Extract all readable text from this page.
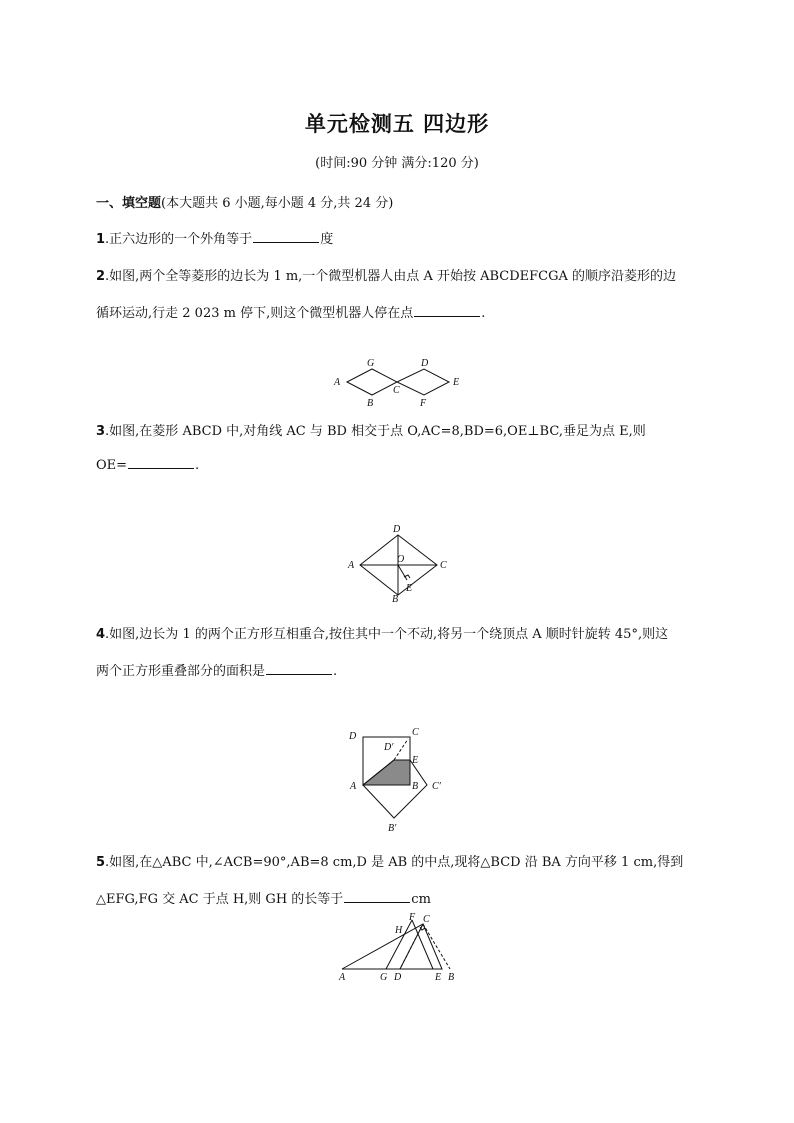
单元检测五 四边形
(时间:90 分钟 满分:120 分)
一、填空题(本大题共 6 小题,每小题 4 分,共 24 分)
1.正六边形的一个外角等于	度
2.如图,两个全等菱形的边长为 1 m,一个微型机器人由点 A 开始按 ABCDEFCGA 的顺序沿菱形的边
循环运动,行走 2 023 m 停下,则这个微型机器人停在点	.
A
G
B
C
D
F
E
3.如图,在菱形 ABCD 中,对角线 AC 与 BD 相交于点 O,AC=8,BD=6,OE⊥BC,垂足为点 E,则
OE=	.
D
A
O
C
E
B
4.如图,边长为 1 的两个正方形互相重合,按住其中一个不动,将另一个绕顶点 A 顺时针旋转 45°,则这
两个正方形重叠部分的面积是	.
D	C
D′
E
A	B C′
B′
5.如图,在△ABC 中,∠ACB=90°,AB=8 cm,D 是 AB 的中点,现将△BCD 沿 BA 方向平移 1 cm,得到
△EFG,FG 交 AC 于点 H,则 GH 的长等于	cm
F C
H
A	G D	E B
